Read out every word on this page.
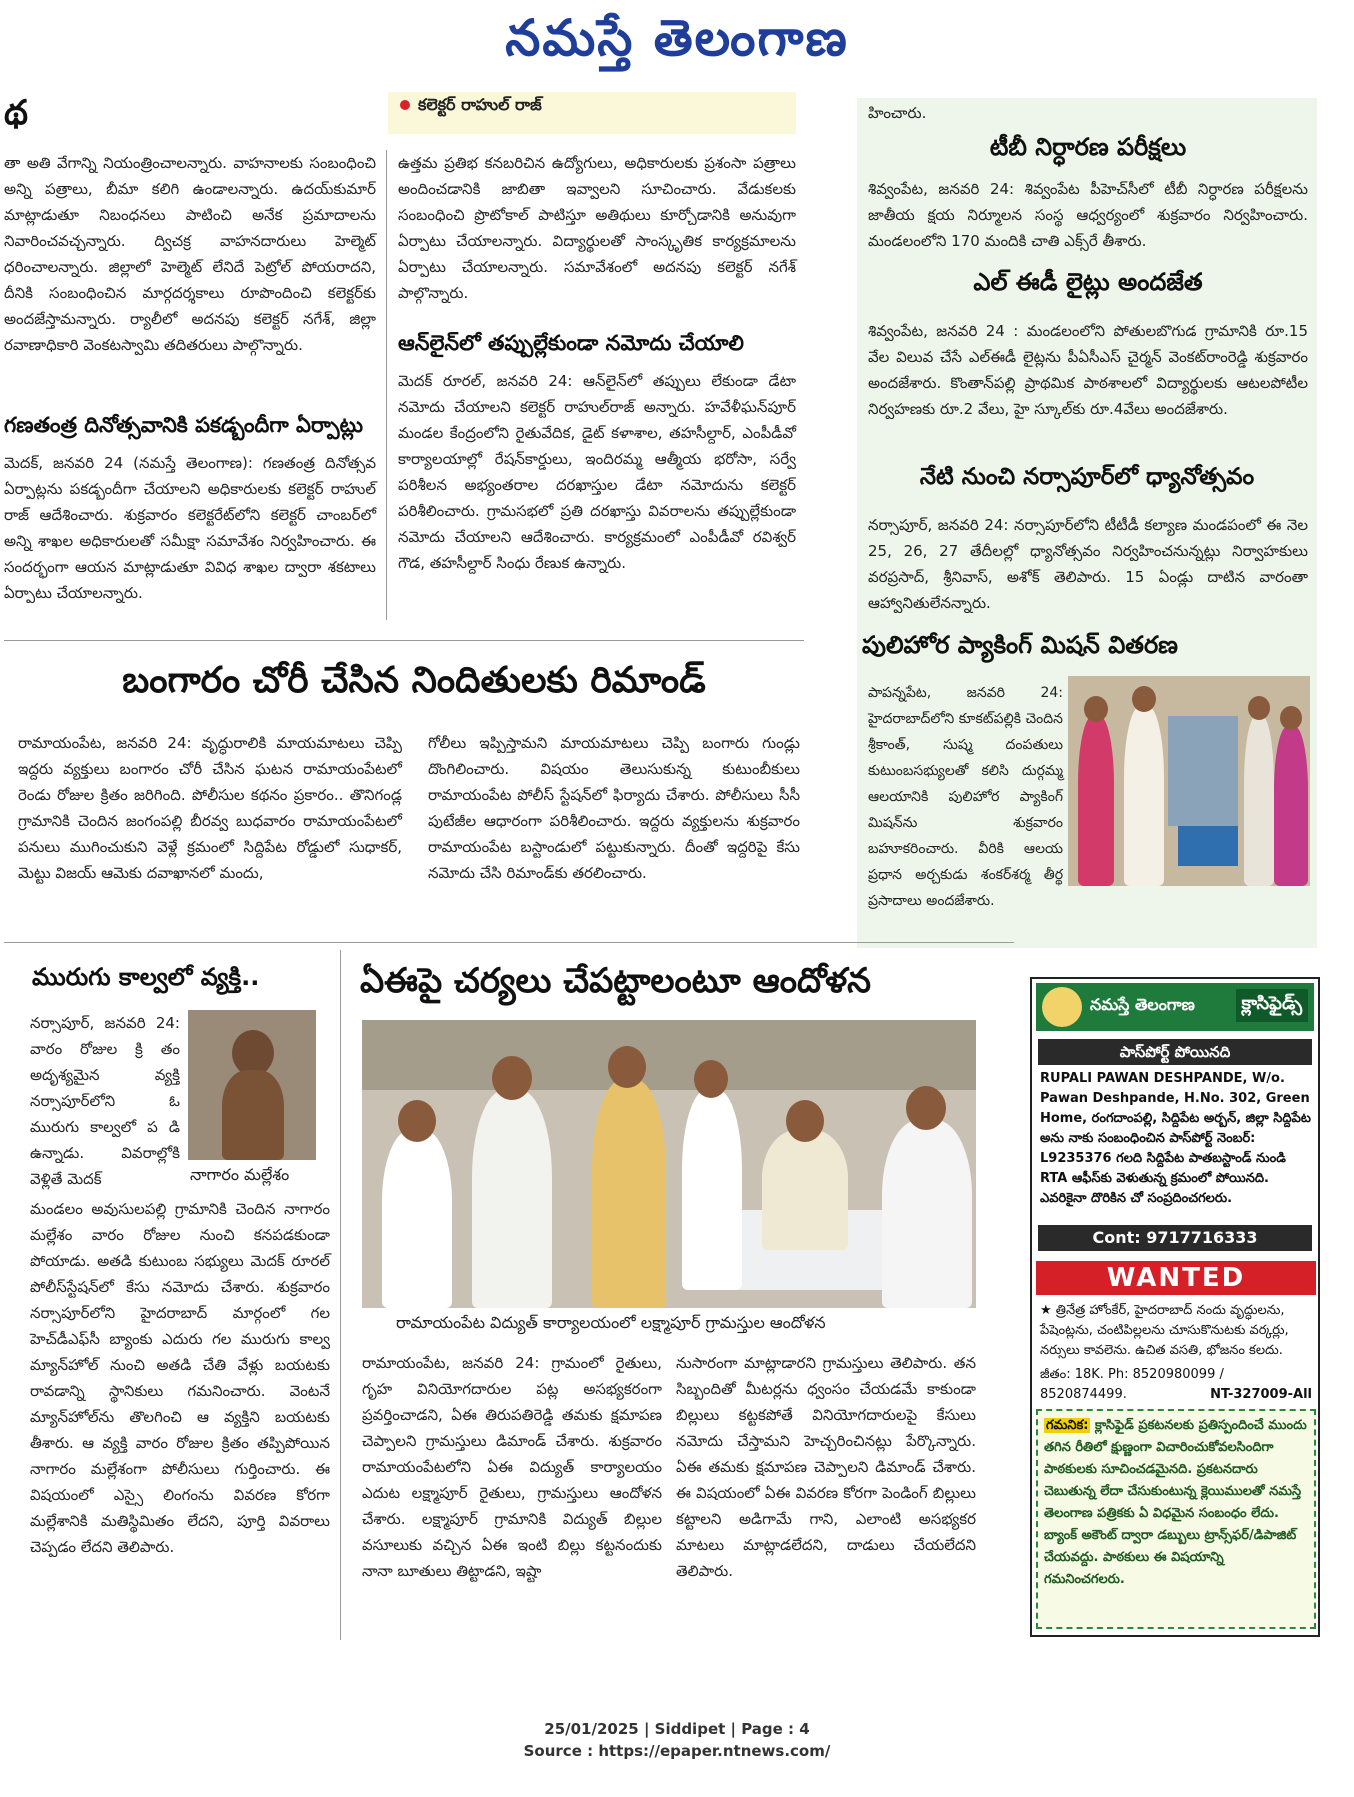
నమస్తే తెలంగాణ
థ
తా అతి వేగాన్ని నియంత్రించాలన్నారు. వాహనాలకు సంబంధించి అన్ని పత్రాలు, బీమా కలిగి ఉండాలన్నారు. ఉదయ్‌కుమార్ మాట్లాడుతూ నిబంధనలు పాటించి అనేక ప్రమాదాలను నివారించవచ్చన్నారు. ద్విచక్ర వాహనదారులు హెల్మెట్ ధరించాలన్నారు. జిల్లాలో హెల్మెట్ లేనిదే పెట్రోల్ పోయరాదని, దీనికి సంబంధించిన మార్గదర్శకాలు రూపొందించి కలెక్టర్‌కు అందజేస్తామన్నారు. ర్యాలీలో అదనపు కలెక్టర్ నగేశ్, జిల్లా రవాణాధికారి వెంకటస్వామి తదితరులు పాల్గొన్నారు.
గణతంత్ర దినోత్సవానికి పకడ్బందీగా ఏర్పాట్లు
మెదక్, జనవరి 24 (నమస్తే తెలంగాణ): గణతంత్ర దినోత్సవ ఏర్పాట్లను పకడ్బందీగా చేయాలని అధికారులకు కలెక్టర్ రాహుల్ రాజ్ ఆదేశించారు. శుక్రవారం కలెక్టరేట్‌లోని కలెక్టర్ చాంబర్‌లో అన్ని శాఖల అధికారులతో సమీక్షా సమావేశం నిర్వహించారు. ఈ సందర్భంగా ఆయన మాట్లాడుతూ వివిధ శాఖల ద్వారా శకటాలు ఏర్పాటు చేయాలన్నారు.
కలెక్టర్ రాహుల్ రాజ్
ఉత్తమ ప్రతిభ కనబరిచిన ఉద్యోగులు, అధికారులకు ప్రశంసా పత్రాలు అందించడానికి జాబితా ఇవ్వాలని సూచించారు. వేడుకలకు సంబంధించి ప్రొటోకాల్ పాటిస్తూ అతిథులు కూర్చోడానికి అనువుగా ఏర్పాటు చేయాలన్నారు. విద్యార్థులతో సాంస్కృతిక కార్యక్రమాలను ఏర్పాటు చేయాలన్నారు. సమావేశంలో అదనపు కలెక్టర్ నగేశ్ పాల్గొన్నారు.
ఆన్‌లైన్‌లో తప్పుల్లేకుండా నమోదు చేయాలి
మెదక్ రూరల్, జనవరి 24: ఆన్‌లైన్‌లో తప్పులు లేకుండా డేటా నమోదు చేయాలని కలెక్టర్ రాహుల్‌రాజ్ అన్నారు. హవేళీఘన్‌పూర్ మండల కేంద్రంలోని రైతువేదిక, డైట్ కళాశాల, తహసీల్దార్, ఎంపీడీవో కార్యాలయాల్లో రేషన్‌కార్డులు, ఇందిరమ్మ ఆత్మీయ భరోసా, సర్వే పరిశీలన అభ్యంతరాల దరఖాస్తుల డేటా నమోదును కలెక్టర్ పరిశీలించారు. గ్రామసభలో ప్రతి దరఖాస్తు వివరాలను తప్పుల్లేకుండా నమోదు చేయాలని ఆదేశించారు. కార్యక్రమంలో ఎంపీడీవో రవిశ్వర్ గౌడ, తహసీల్దార్ సింధు రేణుక ఉన్నారు.
హించారు.
టీబీ నిర్ధారణ పరీక్షలు
శివ్వంపేట, జనవరి 24: శివ్వంపేట పీహెచ్‌సీలో టీబీ నిర్ధారణ పరీక్షలను జాతీయ క్షయ నిర్మూలన సంస్థ ఆధ్వర్యంలో శుక్రవారం నిర్వహించారు. మండలంలోని 170 మందికి చాతి ఎక్స్‌రే తీశారు.
ఎల్ ఈడీ లైట్లు అందజేత
శివ్వంపేట, జనవరి 24 : మండలంలోని పోతులబొగుడ గ్రామానికి రూ.15 వేల విలువ చేసే ఎల్‌ఈడీ లైట్లను పీఏసీఎస్ చైర్మన్ వెంకట్‌రాంరెడ్డి శుక్రవారం అందజేశారు. కొంతాన్‌పల్లి ప్రాథమిక పాఠశాలలో విద్యార్థులకు ఆటలపోటీల నిర్వహణకు రూ.2 వేలు, హై స్కూల్‌కు రూ.4వేలు అందజేశారు.
నేటి నుంచి నర్సాపూర్‌లో ధ్యానోత్సవం
నర్సాపూర్, జనవరి 24: నర్సాపూర్‌లోని టీటీడీ కల్యాణ మండపంలో ఈ నెల 25, 26, 27 తేదీలల్లో ధ్యానోత్సవం నిర్వహించనున్నట్లు నిర్వాహకులు వరప్రసాద్, శ్రీనివాస్, అశోక్ తెలిపారు. 15 ఏండ్లు దాటిన వారంతా ఆహ్వానితులేనన్నారు.
పులిహోర ప్యాకింగ్ మిషన్ వితరణ
పాపన్నపేట, జనవరి 24: హైదరాబాద్‌లోని కూకట్‌పల్లికి చెందిన శ్రీకాంత్, సుష్మ దంపతులు కుటుంబసభ్యులతో కలిసి దుర్గమ్మ ఆలయానికి పులిహోర ప్యాకింగ్ మిషన్‌ను శుక్రవారం బహూకరించారు. వీరికి ఆలయ ప్రధాన అర్చకుడు శంకర్‌శర్మ తీర్థ ప్రసాదాలు అందజేశారు.
బంగారం చోరీ చేసిన నిందితులకు రిమాండ్
రామాయంపేట, జనవరి 24: వృద్ధురాలికి మాయమాటలు చెప్పి ఇద్దరు వ్యక్తులు బంగారం చోరీ చేసిన ఘటన రామాయంపేటలో రెండు రోజుల క్రితం జరిగింది. పోలీసుల కథనం ప్రకారం.. తొనిగండ్ల గ్రామానికి చెందిన జంగంపల్లి బీరవ్వ బుధవారం రామాయంపేటలో పనులు ముగించుకుని వెళ్లే క్రమంలో సిద్దిపేట రోడ్డులో సుధాకర్, మెట్టు విజయ్ ఆమెకు దవాఖానలో మందు,
గోలీలు ఇప్పిస్తామని మాయమాటలు చెప్పి బంగారు గుండ్లు దొంగిలించారు. విషయం తెలుసుకున్న కుటుంబీకులు రామాయంపేట పోలీస్ స్టేషన్‌లో ఫిర్యాదు చేశారు. పోలీసులు సీసీ పుటేజీల ఆధారంగా పరిశీలించారు. ఇద్దరు వ్యక్తులను శుక్రవారం రామాయంపేట బస్టాండులో పట్టుకున్నారు. దీంతో ఇద్దరిపై కేసు నమోదు చేసి రిమాండ్‌కు తరలించారు.
మురుగు కాల్వలో వ్యక్తి..
నర్సాపూర్, జనవరి 24: వారం రోజుల క్రి తం అదృశ్యమైన వ్యక్తి నర్సాపూర్‌లోని ఓ మురుగు కాల్వలో ప డి ఉన్నాడు. వివరాల్లోకి వెళ్లితే మెదక్	నాగారం మల్లేశం
మండలం అవుసులపల్లి గ్రామానికి చెందిన నాగారం మల్లేశం వారం రోజుల నుంచి కనపడకుండా పోయాడు. అతడి కుటుంబ సభ్యులు మెదక్ రూరల్ పోలీస్‌స్టేషన్‌లో కేసు నమోదు చేశారు. శుక్రవారం నర్సాపూర్‌లోని హైదరాబాద్ మార్గంలో గల హెచ్‌డీఎఫ్‌సీ బ్యాంకు ఎదురు గల మురుగు కాల్వ మ్యాన్‌హోల్ నుంచి అతడి చేతి వేళ్లు బయటకు రావడాన్ని స్థానికులు గమనించారు. వెంటనే మ్యాన్‌హోల్‌ను తొలగించి ఆ వ్యక్తిని బయటకు తీశారు. ఆ వ్యక్తి వారం రోజుల క్రితం తప్పిపోయిన నాగారం మల్లేశంగా పోలీసులు గుర్తించారు. ఈ విషయంలో ఎస్సై లింగంను వివరణ కోరగా మల్లేశానికి మతిస్థిమితం లేదని, పూర్తి వివరాలు చెప్పడం లేదని తెలిపారు.
ఏఈపై చర్యలు చేపట్టాలంటూ ఆందోళన
రామాయంపేట విద్యుత్ కార్యాలయంలో లక్ష్మాపూర్ గ్రామస్తుల ఆందోళన
రామాయంపేట, జనవరి 24: గ్రామంలో రైతులు, గృహ వినియోగదారుల పట్ల అసభ్యకరంగా ప్రవర్తించాడని, ఏఈ తిరుపతిరెడ్డి తమకు క్షమాపణ చెప్పాలని గ్రామస్తులు డిమాండ్ చేశారు. శుక్రవారం రామాయంపేటలోని ఏఈ విద్యుత్ కార్యాలయం ఎదుట లక్ష్మాపూర్ రైతులు, గ్రామస్తులు ఆందోళన చేశారు. లక్ష్మాపూర్ గ్రామానికి విద్యుత్ బిల్లుల వసూలుకు వచ్చిన ఏఈ ఇంటి బిల్లు కట్టనందుకు నానా బూతులు తిట్టాడని, ఇష్టా
నుసారంగా మాట్లాడారని గ్రామస్తులు తెలిపారు. తన సిబ్బందితో మీటర్లను ధ్వంసం చేయడమే కాకుండా బిల్లులు కట్టకపోతే వినియోగదారులపై కేసులు నమోదు చేస్తామని హెచ్చరించినట్లు పేర్కొన్నారు. ఏఈ తమకు క్షమాపణ చెప్పాలని డిమాండ్ చేశారు. ఈ విషయంలో ఏఈ వివరణ కోరగా పెండింగ్ బిల్లులు కట్టాలని అడిగామే గాని, ఎలాంటి అసభ్యకర మాటలు మాట్లాడలేదని, దాడులు చేయలేదని తెలిపారు.
నమస్తే తెలంగాణ	క్లాసిఫైడ్స్
పాస్‌పోర్ట్ పోయినది
RUPALI PAWAN DESHPANDE, W/o. Pawan Deshpande, H.No. 302, Green Home, రంగదాంపల్లి, సిద్దిపేట అర్బన్, జిల్లా సిద్దిపేట అను నాకు సంబంధించిన పాస్‌పోర్ట్ నెంబర్: L9235376 గలది సిద్దిపేట పాతబస్టాండ్ నుండి RTA ఆఫీస్‌కు వెళుతున్న క్రమంలో పోయినది. ఎవరికైనా దొరికిన చో సంప్రదించగలరు.
Cont: 9717716333
WANTED
★ త్రినేత్ర హోంకేర్, హైదరాబాద్ నందు వృద్ధులను, పేషెంట్లను, చంటిపిల్లలను చూసుకొనుటకు వర్కర్లు, నర్సులు కావలెను. ఉచిత వసతి, భోజనం కలదు.
జీతం: 18K. Ph: 8520980099 / 8520874499.	NT-327009-All
గమనిక: క్లాసిఫైడ్ ప్రకటనలకు ప్రతిస్పందించే ముందు తగిన రీతిలో క్షుణ్ణంగా విచారించుకోవలసిందిగా పాఠకులకు సూచించడమైనది. ప్రకటనదారు చెబుతున్న లేదా చేసుకుంటున్న క్లెయిములతో నమస్తే తెలంగాణ పత్రికకు ఏ విధమైన సంబంధం లేదు. బ్యాంక్ అకౌంట్ ద్వారా డబ్బులు ట్రాన్స్‌ఫర్/డిపాజిట్ చేయవద్దు. పాఠకులు ఈ విషయాన్ని గమనించగలరు.
25/01/2025 | Siddipet | Page : 4
Source : https://epaper.ntnews.com/
